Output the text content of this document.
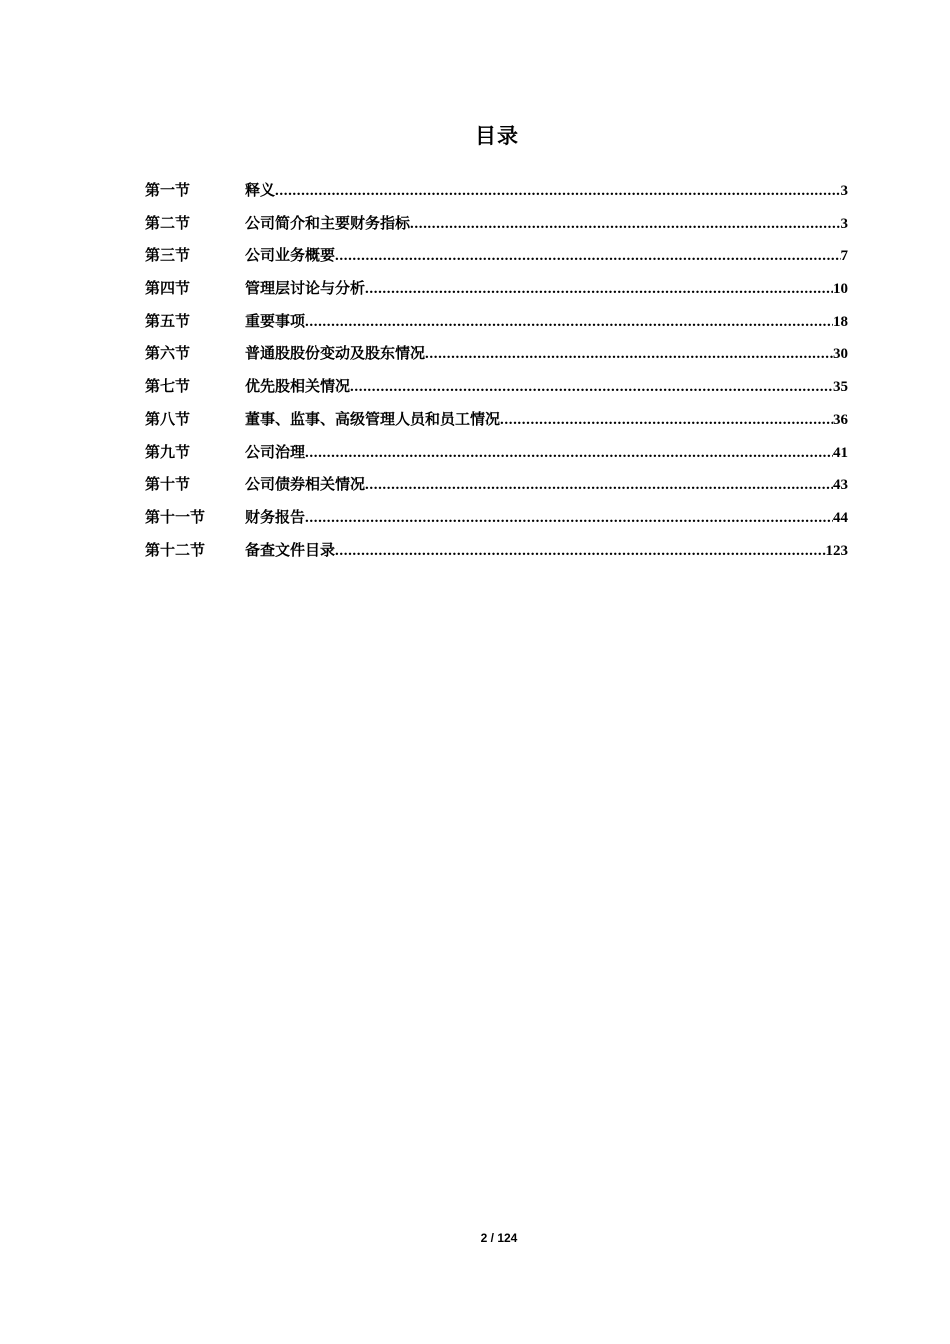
目录
第一节	释义 .....	3
第二节	公司简介和主要财务指标 .....	3
第三节	公司业务概要 .....	7
第四节	管理层讨论与分析 .....	10
第五节	重要事项 .....	18
第六节	普通股股份变动及股东情况 .....	30
第七节	优先股相关情况 .....	35
第八节	董事、监事、高级管理人员和员工情况 .....	36
第九节	公司治理 .....	41
第十节	公司债券相关情况 .....	43
第十一节	财务报告 .....	44
第十二节	备查文件目录 .....	123
2 / 124
